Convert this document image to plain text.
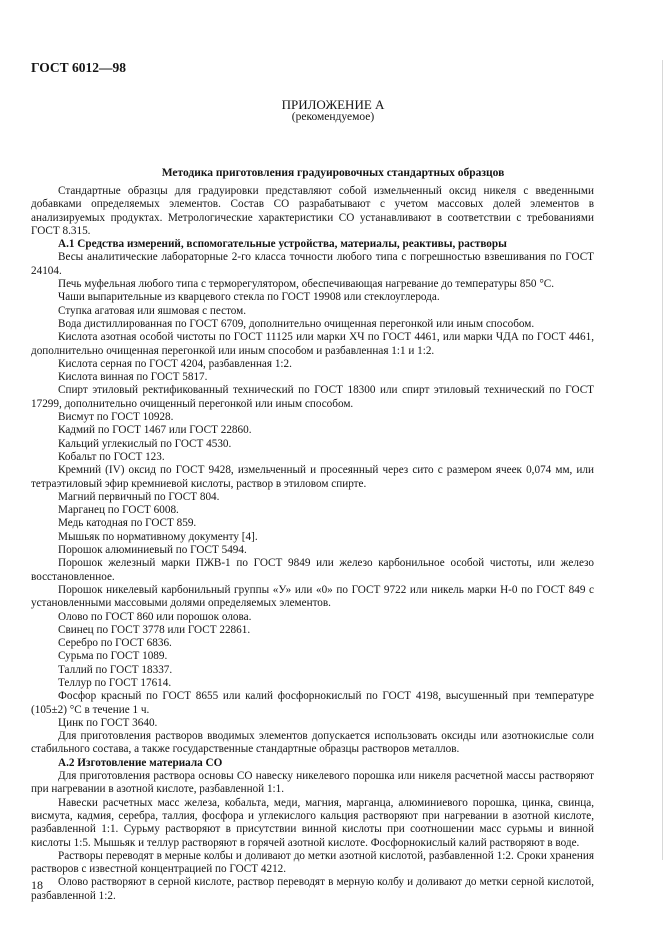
ГОСТ 6012—98
ПРИЛОЖЕНИЕ А
(рекомендуемое)
Методика приготовления градуировочных стандартных образцов

Стандартные образцы для градуировки представляют собой измельченный оксид никеля с введенными добавками определяемых элементов. Состав СО разрабатывают с учетом массовых долей элементов в анализируемых продуктах. Метрологические характеристики СО устанавливают в соответствии с требованиями ГОСТ 8.315.

А.1 Средства измерений, вспомогательные устройства, материалы, реактивы, растворы

Весы аналитические лабораторные 2-го класса точности любого типа с погрешностью взвешивания по ГОСТ 24104.

Печь муфельная любого типа с терморегулятором, обеспечивающая нагревание до температуры 850 °С.

Чаши выпарительные из кварцевого стекла по ГОСТ 19908 или стеклоуглерода.

Ступка агатовая или яшмовая с пестом.

Вода дистиллированная по ГОСТ 6709, дополнительно очищенная перегонкой или иным способом.

Кислота азотная особой чистоты по ГОСТ 11125 или марки ХЧ по ГОСТ 4461, или марки ЧДА по ГОСТ 4461, дополнительно очищенная перегонкой или иным способом и разбавленная 1:1 и 1:2.

Кислота серная по ГОСТ 4204, разбавленная 1:2.

Кислота винная по ГОСТ 5817.

Спирт этиловый ректификованный технический по ГОСТ 18300 или спирт этиловый технический по ГОСТ 17299, дополнительно очищенный перегонкой или иным способом.

Висмут по ГОСТ 10928.

Кадмий по ГОСТ 1467 или ГОСТ 22860.

Кальций углекислый по ГОСТ 4530.

Кобальт по ГОСТ 123.

Кремний (IV) оксид по ГОСТ 9428, измельченный и просеянный через сито с размером ячеек 0,074 мм, или тетраэтиловый эфир кремниевой кислоты, раствор в этиловом спирте.

Магний первичный по ГОСТ 804.

Марганец по ГОСТ 6008.

Медь катодная по ГОСТ 859.

Мышьяк по нормативному документу [4].

Порошок алюминиевый по ГОСТ 5494.

Порошок железный марки ПЖВ-1 по ГОСТ 9849 или железо карбонильное особой чистоты, или железо восстановленное.

Порошок никелевый карбонильный группы «У» или «0» по ГОСТ 9722 или никель марки Н-0 по ГОСТ 849 с установленными массовыми долями определяемых элементов.

Олово по ГОСТ 860 или порошок олова.

Свинец по ГОСТ 3778 или ГОСТ 22861.

Серебро по ГОСТ 6836.

Сурьма по ГОСТ 1089.

Таллий по ГОСТ 18337.

Теллур по ГОСТ 17614.

Фосфор красный по ГОСТ 8655 или калий фосфорнокислый по ГОСТ 4198, высушенный при температуре (105±2) °С в течение 1 ч.

Цинк по ГОСТ 3640.

Для приготовления растворов вводимых элементов допускается использовать оксиды или азотнокислые соли стабильного состава, а также государственные стандартные образцы растворов металлов.

А.2 Изготовление материала СО

Для приготовления раствора основы СО навеску никелевого порошка или никеля расчетной массы растворяют при нагревании в азотной кислоте, разбавленной 1:1.

Навески расчетных масс железа, кобальта, меди, магния, марганца, алюминиевого порошка, цинка, свинца, висмута, кадмия, серебра, таллия, фосфора и углекислого кальция растворяют при нагревании в азотной кислоте, разбавленной 1:1. Сурьму растворяют в присутствии винной кислоты при соотношении масс сурьмы и винной кислоты 1:5. Мышьяк и теллур растворяют в горячей азотной кислоте. Фосфорнокислый калий растворяют в воде.

Растворы переводят в мерные колбы и доливают до метки азотной кислотой, разбавленной 1:2. Сроки хранения растворов с известной концентрацией по ГОСТ 4212.

Олово растворяют в серной кислоте, раствор переводят в мерную колбу и доливают до метки серной кислотой, разбавленной 1:2.

18
